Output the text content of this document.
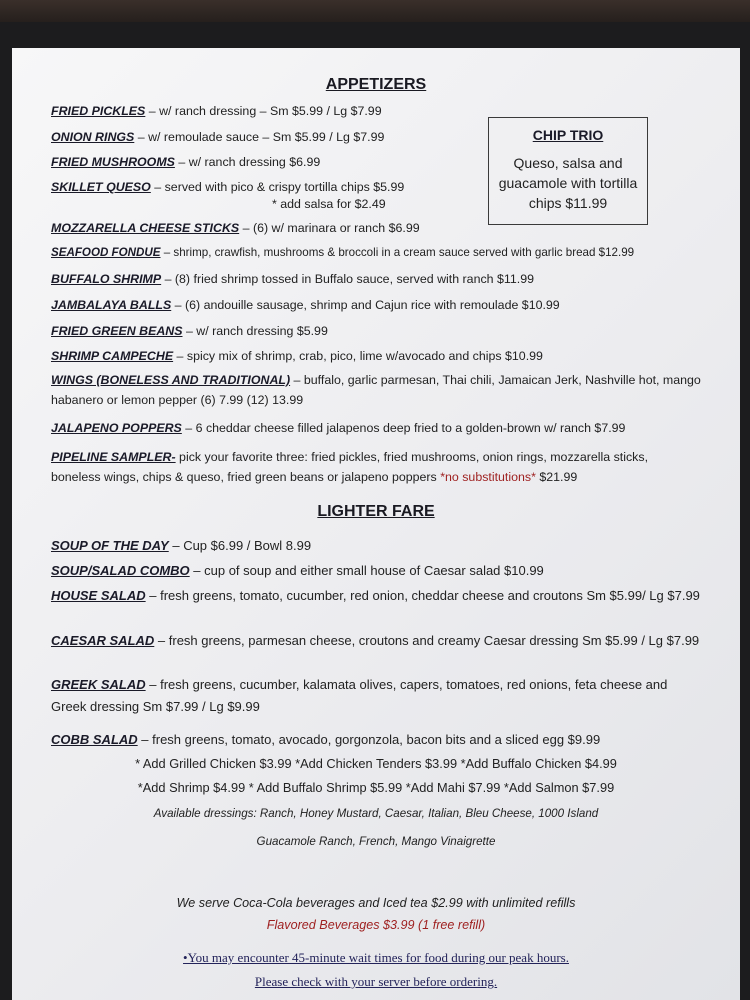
APPETIZERS
FRIED PICKLES – w/ ranch dressing – Sm $5.99 / Lg $7.99
ONION RINGS – w/ remoulade sauce – Sm $5.99 / Lg $7.99
FRIED MUSHROOMS – w/ ranch dressing $6.99
SKILLET QUESO – served with pico & crispy tortilla chips $5.99
* add salsa for $2.49
CHIP TRIO
Queso, salsa and guacamole with tortilla chips $11.99
MOZZARELLA CHEESE STICKS – (6) w/ marinara or ranch $6.99
SEAFOOD FONDUE – shrimp, crawfish, mushrooms & broccoli in a cream sauce served with garlic bread $12.99
BUFFALO SHRIMP – (8) fried shrimp tossed in Buffalo sauce, served with ranch $11.99
JAMBALAYA BALLS – (6) andouille sausage, shrimp and Cajun rice with remoulade $10.99
FRIED GREEN BEANS – w/ ranch dressing $5.99
SHRIMP CAMPECHE – spicy mix of shrimp, crab, pico, lime w/avocado and chips $10.99
WINGS (BONELESS AND TRADITIONAL) – buffalo, garlic parmesan, Thai chili, Jamaican Jerk, Nashville hot, mango habanero or lemon pepper (6) 7.99 (12) 13.99
JALAPENO POPPERS – 6 cheddar cheese filled jalapenos deep fried to a golden-brown w/ ranch $7.99
PIPELINE SAMPLER- pick your favorite three: fried pickles, fried mushrooms, onion rings, mozzarella sticks, boneless wings, chips & queso, fried green beans or jalapeno poppers *no substitutions* $21.99
LIGHTER FARE
SOUP OF THE DAY – Cup $6.99 / Bowl 8.99
SOUP/SALAD COMBO – cup of soup and either small house of Caesar salad $10.99
HOUSE SALAD – fresh greens, tomato, cucumber, red onion, cheddar cheese and croutons Sm $5.99/ Lg $7.99
CAESAR SALAD – fresh greens, parmesan cheese, croutons and creamy Caesar dressing Sm $5.99 / Lg $7.99
GREEK SALAD – fresh greens, cucumber, kalamata olives, capers, tomatoes, red onions, feta cheese and Greek dressing Sm $7.99 / Lg $9.99
COBB SALAD – fresh greens, tomato, avocado, gorgonzola, bacon bits and a sliced egg $9.99
* Add Grilled Chicken $3.99 *Add Chicken Tenders $3.99 *Add Buffalo Chicken $4.99
*Add Shrimp $4.99 * Add Buffalo Shrimp $5.99 *Add Mahi $7.99 *Add Salmon $7.99
Available dressings: Ranch, Honey Mustard, Caesar, Italian, Bleu Cheese, 1000 Island
Guacamole Ranch, French, Mango Vinaigrette
We serve Coca-Cola beverages and Iced tea $2.99 with unlimited refills
Flavored Beverages $3.99 (1 free refill)
•You may encounter 45-minute wait times for food during our peak hours.
Please check with your server before ordering.
